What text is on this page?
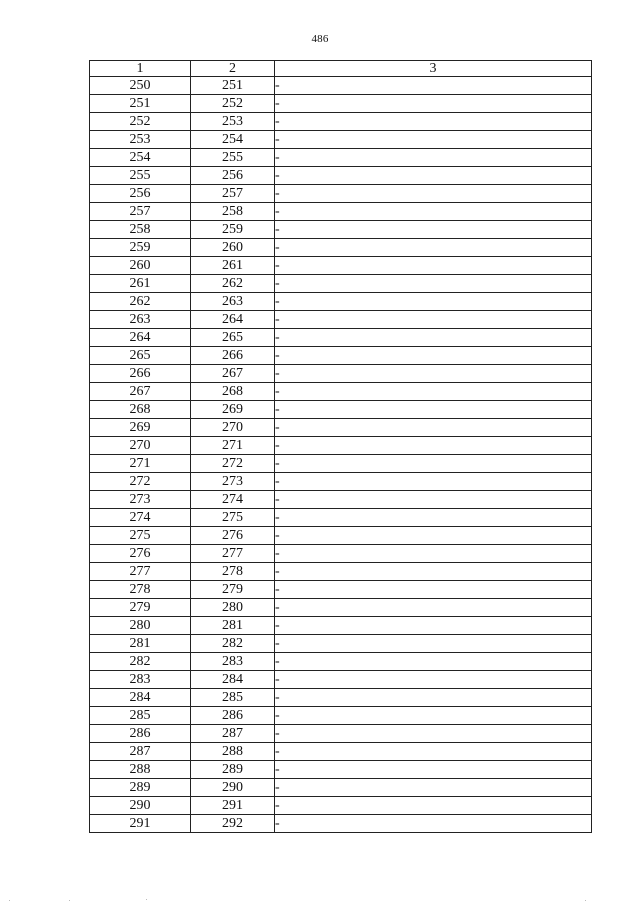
486
1	2	3
250	251	-
251	252	-
252	253	-
253	254	-
254	255	-
255	256	-
256	257	-
257	258	-
258	259	-
259	260	-
260	261	-
261	262	-
262	263	-
263	264	-
264	265	-
265	266	-
266	267	-
267	268	-
268	269	-
269	270	-
270	271	-
271	272	-
272	273	-
273	274	-
274	275	-
275	276	-
276	277	-
277	278	-
278	279	-
279	280	-
280	281	-
281	282	-
282	283	-
283	284	-
284	285	-
285	286	-
286	287	-
287	288	-
288	289	-
289	290	-
290	291	-
291	292	-
